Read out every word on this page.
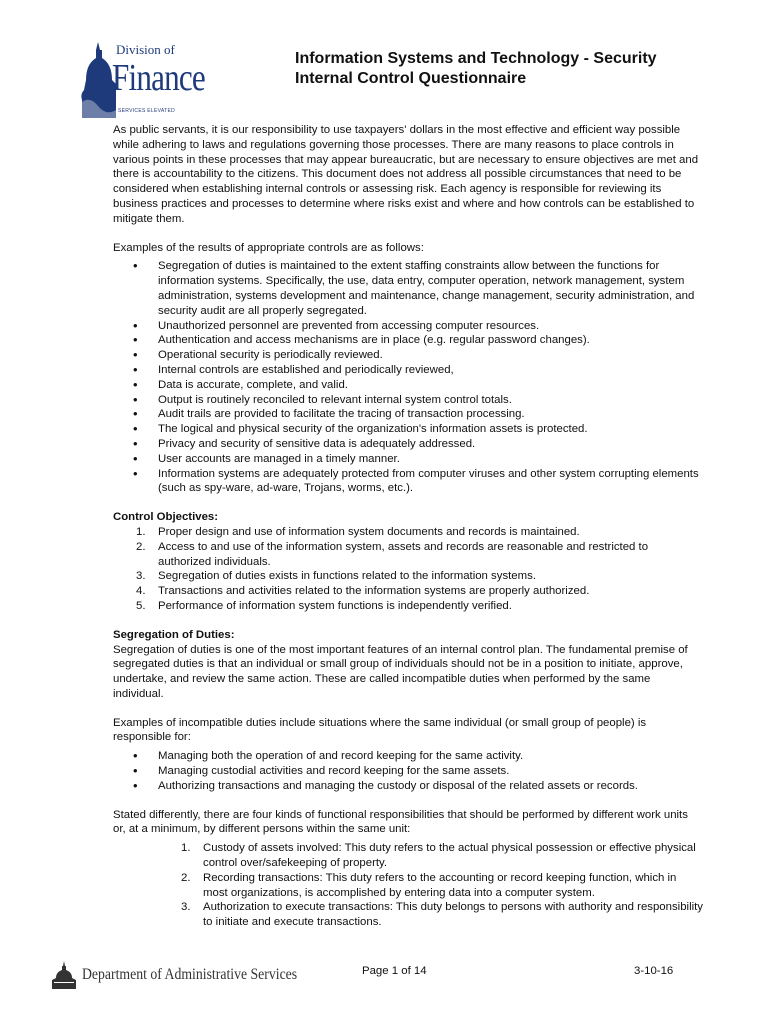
Division of
Finance
SERVICES ELEVATED
Information Systems and Technology - Security
Internal Control Questionnaire

As public servants, it is our responsibility to use taxpayers' dollars in the most effective and efficient way possible while adhering to laws and regulations governing those processes. There are many reasons to place controls in various points in these processes that may appear bureaucratic, but are necessary to ensure objectives are met and there is accountability to the citizens. This document does not address all possible circumstances that need to be considered when establishing internal controls or assessing risk. Each agency is responsible for reviewing its business practices and processes to determine where risks exist and where and how controls can be established to mitigate them.

Examples of the results of appropriate controls are as follows:

• Segregation of duties is maintained to the extent staffing constraints allow between the functions for information systems. Specifically, the use, data entry, computer operation, network management, system administration, systems development and maintenance, change management, security administration, and security audit are all properly segregated.
• Unauthorized personnel are prevented from accessing computer resources.
• Authentication and access mechanisms are in place (e.g. regular password changes).
• Operational security is periodically reviewed.
• Internal controls are established and periodically reviewed,
• Data is accurate, complete, and valid.
• Output is routinely reconciled to relevant internal system control totals.
• Audit trails are provided to facilitate the tracing of transaction processing.
• The logical and physical security of the organization's information assets is protected.
• Privacy and security of sensitive data is adequately addressed.
• User accounts are managed in a timely manner.
• Information systems are adequately protected from computer viruses and other system corrupting elements (such as spy-ware, ad-ware, Trojans, worms, etc.).

Control Objectives:

1. Proper design and use of information system documents and records is maintained.
2. Access to and use of the information system, assets and records are reasonable and restricted to authorized individuals.
3. Segregation of duties exists in functions related to the information systems.
4. Transactions and activities related to the information systems are properly authorized.
5. Performance of information system functions is independently verified.

Segregation of Duties:

Segregation of duties is one of the most important features of an internal control plan. The fundamental premise of segregated duties is that an individual or small group of individuals should not be in a position to initiate, approve, undertake, and review the same action. These are called incompatible duties when performed by the same individual.

Examples of incompatible duties include situations where the same individual (or small group of people) is responsible for:

• Managing both the operation of and record keeping for the same activity.
• Managing custodial activities and record keeping for the same assets.
• Authorizing transactions and managing the custody or disposal of the related assets or records.

Stated differently, there are four kinds of functional responsibilities that should be performed by different work units or, at a minimum, by different persons within the same unit:

1. Custody of assets involved: This duty refers to the actual physical possession or effective physical control over/safekeeping of property.
2. Recording transactions: This duty refers to the accounting or record keeping function, which in most organizations, is accomplished by entering data into a computer system.
3. Authorization to execute transactions: This duty belongs to persons with authority and responsibility to initiate and execute transactions.
Department of Administrative Services	Page 1 of 14	3-10-16
